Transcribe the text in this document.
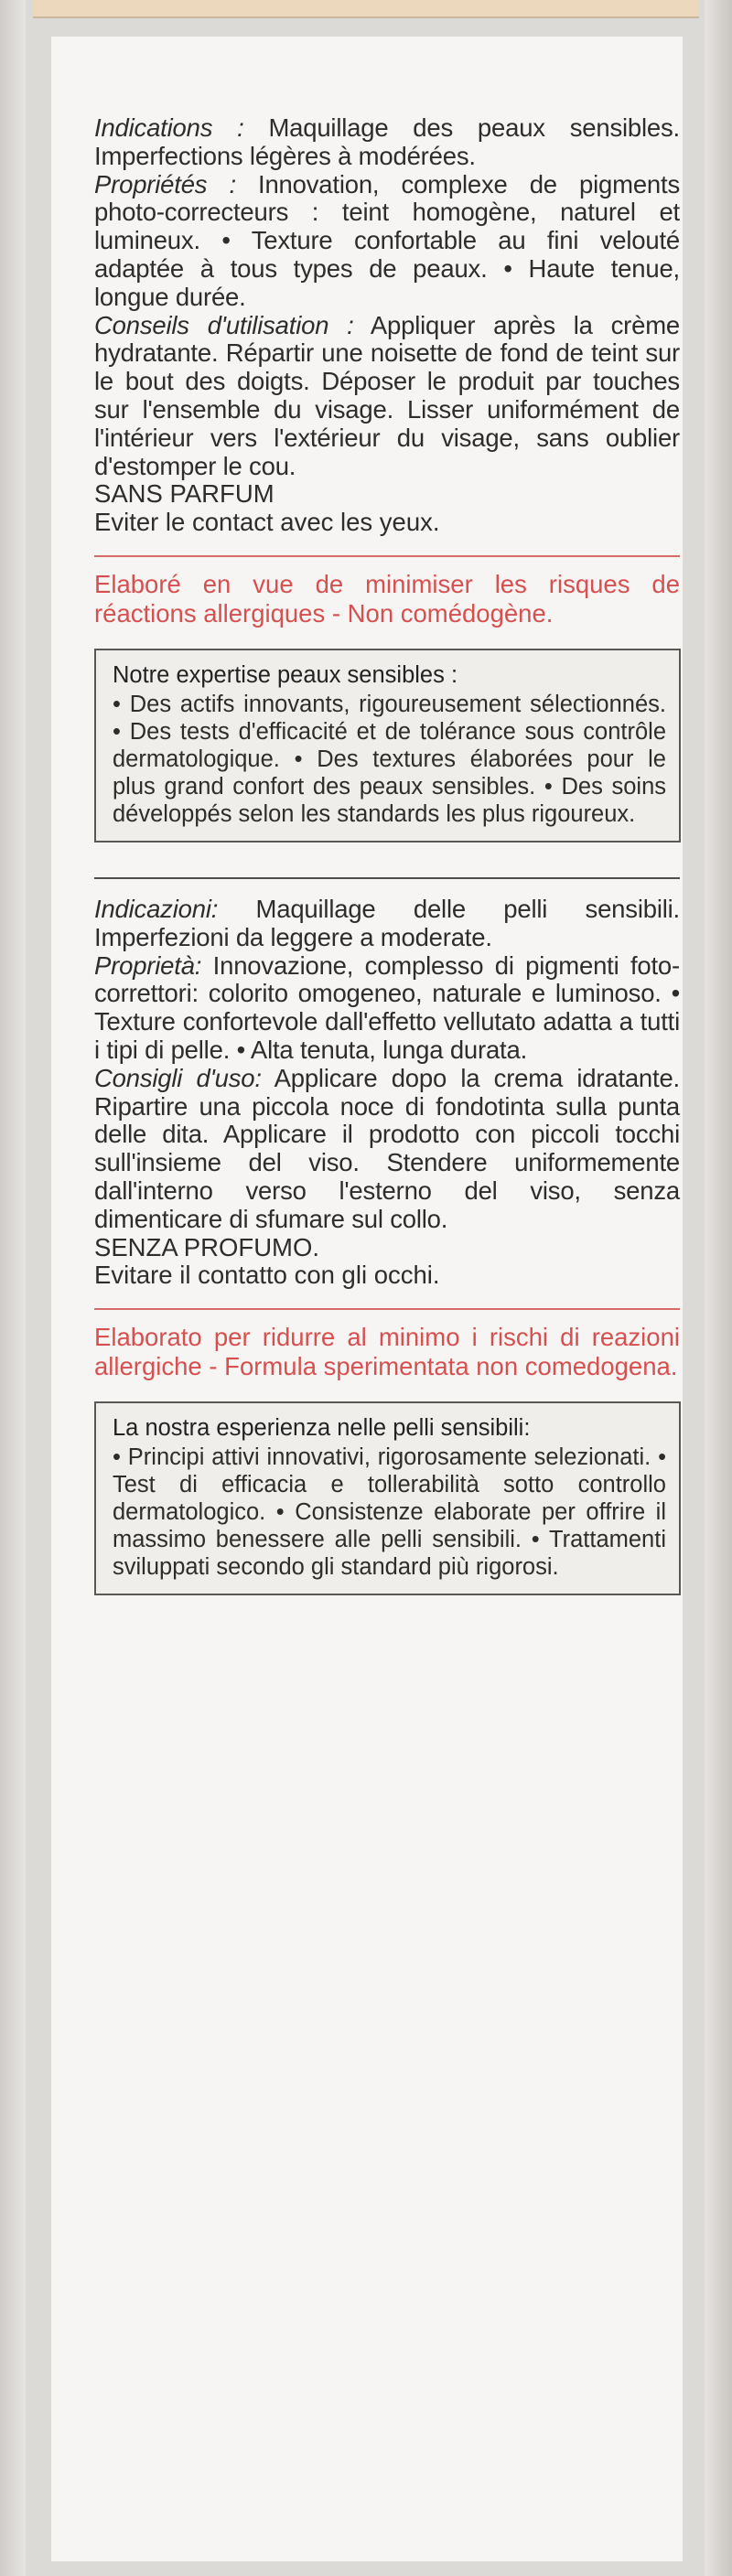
Indications : Maquillage des peaux sensibles. Imperfections légères à modérées.

Propriétés : Innovation, complexe de pigments photo-correcteurs : teint homogène, naturel et lumineux. • Texture confortable au fini velouté adaptée à tous types de peaux. • Haute tenue, longue durée.

Conseils d'utilisation : Appliquer après la crème hydratante. Répartir une noisette de fond de teint sur le bout des doigts. Déposer le produit par touches sur l'ensemble du visage. Lisser uniformément de l'intérieur vers l'extérieur du visage, sans oublier d'estomper le cou.

SANS PARFUM
Eviter le contact avec les yeux.

Elaboré en vue de minimiser les risques de réactions allergiques - Non comédogène.

Notre expertise peaux sensibles :

• Des actifs innovants, rigoureusement sélectionnés. • Des tests d'efficacité et de tolérance sous contrôle dermatologique. • Des textures élaborées pour le plus grand confort des peaux sensibles. • Des soins développés selon les standards les plus rigoureux.

Indicazioni: Maquillage delle pelli sensibili. Imperfezioni da leggere a moderate.

Proprietà: Innovazione, complesso di pigmenti foto-correttori: colorito omogeneo, naturale e luminoso. • Texture confortevole dall'effetto vellutato adatta a tutti i tipi di pelle. • Alta tenuta, lunga durata.

Consigli d'uso: Applicare dopo la crema idratante. Ripartire una piccola noce di fondotinta sulla punta delle dita. Applicare il prodotto con piccoli tocchi sull'insieme del viso. Stendere uniformemente dall'interno verso l'esterno del viso, senza dimenticare di sfumare sul collo.

SENZA PROFUMO.
Evitare il contatto con gli occhi.

Elaborato per ridurre al minimo i rischi di reazioni allergiche - Formula sperimentata non comedogena.

La nostra esperienza nelle pelli sensibili:

• Principi attivi innovativi, rigorosamente selezionati. • Test di efficacia e tollerabilità sotto controllo dermatologico. • Consistenze elaborate per offrire il massimo benessere alle pelli sensibili. • Trattamenti sviluppati secondo gli standard più rigorosi.
